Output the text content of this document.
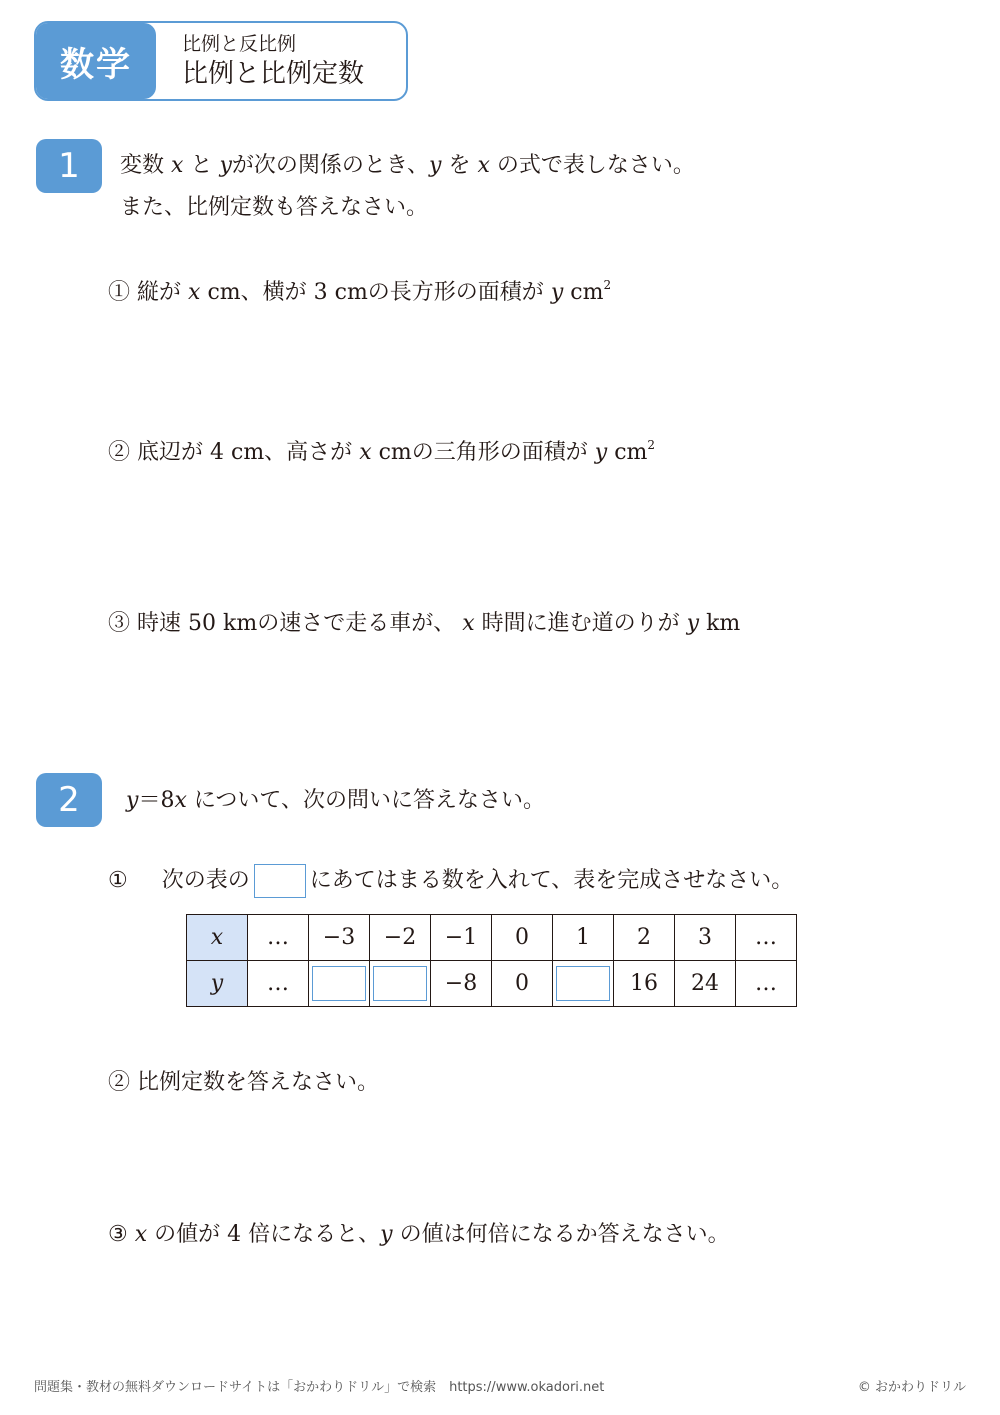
数学
比例と反比例
比例と比例定数
1	変数 x と yが次の関係のとき、y を x の式で表しなさい。
また、比例定数も答えなさい。
① 縦が x cm、横が 3 cmの長方形の面積が y $cm^2$
② 底辺が 4 cm、高さが x cmの三角形の面積が y $cm^2$
③ 時速 50 kmの速さで走る車が、 x 時間に進む道のりが y km
2	y＝8x について、次の問いに答えなさい。
① 次の表の	にあてはまる数を入れて、表を完成させなさい。
x	…	−3	−2	−1	0	1	2	3	…
y	…			−8	0		16	24	…
② 比例定数を答えなさい。
③ x の値が 4 倍になると、y の値は何倍になるか答えなさい。
問題集・教材の無料ダウンロードサイトは「おかわりドリル」で検索　https://www.okadori.net	© おかわりドリル
